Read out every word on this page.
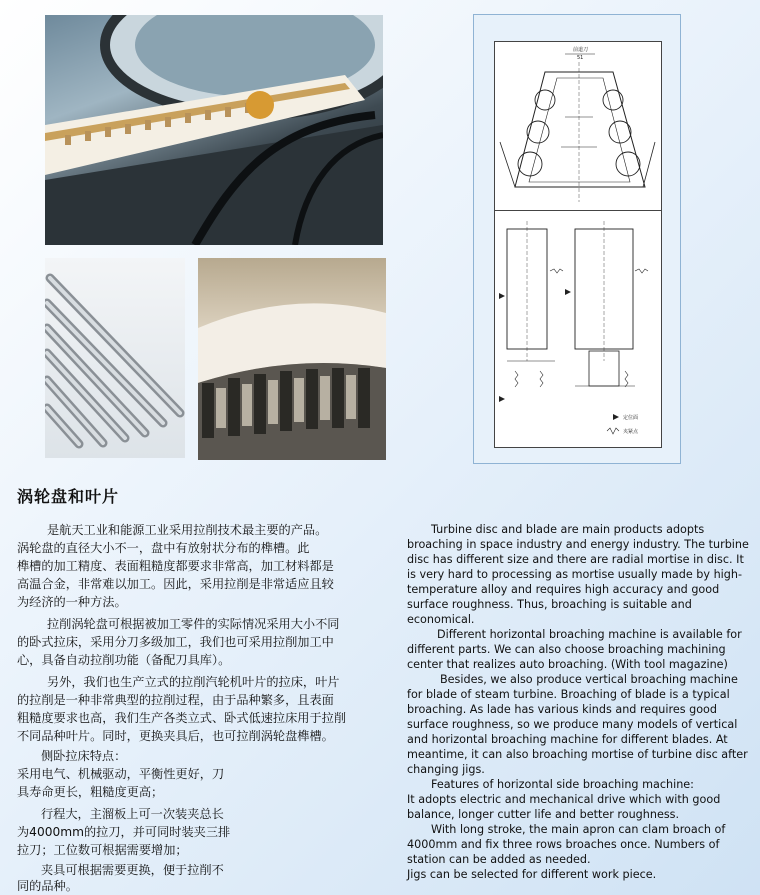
前道刀
51
定位面
夹紧点
涡轮盘和叶片
是航天工业和能源工业采用拉削技术最主要的产品。
涡轮盘的直径大小不一，盘中有放射状分布的榫槽。此
榫槽的加工精度、表面粗糙度都要求非常高，加工材料都是
高温合金，非常难以加工。因此，采用拉削是非常适应且较
为经济的一种方法。
拉削涡轮盘可根据被加工零件的实际情况采用大小不同
的卧式拉床，采用分刀多级加工，我们也可采用拉削加工中
心，具备自动拉削功能（备配刀具库）。
另外，我们也生产立式的拉削汽轮机叶片的拉床，叶片
的拉削是一种非常典型的拉削过程，由于品种繁多，且表面
粗糙度要求也高，我们生产各类立式、卧式低速拉床用于拉削
不同品种叶片。同时，更换夹具后，也可拉削涡轮盘榫槽。
侧卧拉床特点：
采用电气、机械驱动，平衡性更好，刀
具寿命更长，粗糙度更高；
行程大，主溜板上可一次装夹总长
为4000mm的拉刀，并可同时装夹三排
拉刀；工位数可根据需要增加；
夹具可根据需要更换，便于拉削不
同的品种。

Turbine disc and blade are main products adopts broaching in space industry and energy industry. The turbine disc has different size and there are radial mortise in disc. It is very hard to processing as mortise usually made by high-temperature alloy and requires high accuracy and good surface roughness. Thus, broaching is suitable and economical.

Different horizontal broaching machine is available for different parts. We can also choose broaching machining center that realizes auto broaching. (With tool magazine)

Besides, we also produce vertical broaching machine for blade of steam turbine. Broaching of blade is a typical broaching. As lade has various kinds and requires good surface roughness, so we produce many models of vertical and horizontal broaching machine for different blades. At meantime, it can also broaching mortise of turbine disc after changing jigs.

Features of horizontal side broaching machine:

It adopts electric and mechanical drive which with good balance, longer cutter life and better roughness.

With long stroke, the main apron can clam broach of 4000mm and fix three rows broaches once. Numbers of station can be added as needed.

Jigs can be selected for different work piece.
